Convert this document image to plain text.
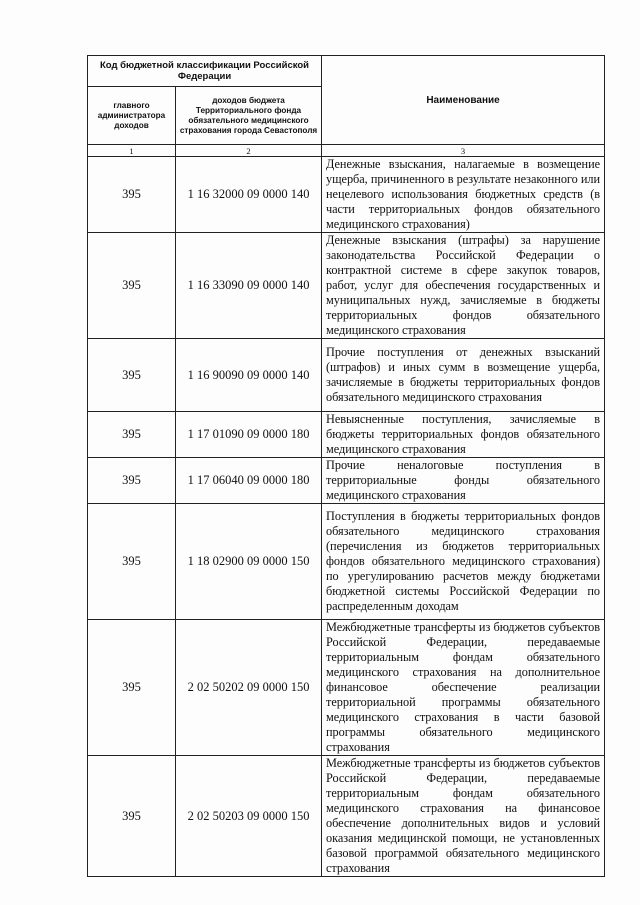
Код бюджетной классификации Российской Федерации		Наименование
главного администратора доходов	доходов бюджета Территориального фонда обязательного медицинского страхования города Севастополя	
1	2	3
395	1 16 32000 09 0000 140	Денежные взыскания, налагаемые в возмещение ущерба, причиненного в результате незаконного или нецелевого использования бюджетных средств (в части территориальных фондов обязательного медицинского страхования)
395	1 16 33090 09 0000 140	Денежные взыскания (штрафы) за нарушение законодательства Российской Федерации о контрактной системе в сфере закупок товаров, работ, услуг для обеспечения государственных и муниципальных нужд, зачисляемые в бюджеты территориальных фондов обязательного медицинского страхования
395	1 16 90090 09 0000 140	Прочие поступления от денежных взысканий (штрафов) и иных сумм в возмещение ущерба, зачисляемые в бюджеты территориальных фондов обязательного медицинского страхования
395	1 17 01090 09 0000 180	Невыясненные поступления, зачисляемые в бюджеты территориальных фондов обязательного медицинского страхования
395	1 17 06040 09 0000 180	Прочие неналоговые поступления в территориальные фонды обязательного медицинского страхования
395	1 18 02900 09 0000 150	Поступления в бюджеты территориальных фондов обязательного медицинского страхования (перечисления из бюджетов территориальных фондов обязательного медицинского страхования) по урегулированию расчетов между бюджетами бюджетной системы Российской Федерации по распределенным доходам
395	2 02 50202 09 0000 150	Межбюджетные трансферты из бюджетов субъектов Российской Федерации, передаваемые территориальным фондам обязательного медицинского страхования на дополнительное финансовое обеспечение реализации территориальной программы обязательного медицинского страхования в части базовой программы обязательного медицинского страхования
395	2 02 50203 09 0000 150	Межбюджетные трансферты из бюджетов субъектов Российской Федерации, передаваемые территориальным фондам обязательного медицинского страхования на финансовое обеспечение дополнительных видов и условий оказания медицинской помощи, не установленных базовой программой обязательного медицинского страхования
